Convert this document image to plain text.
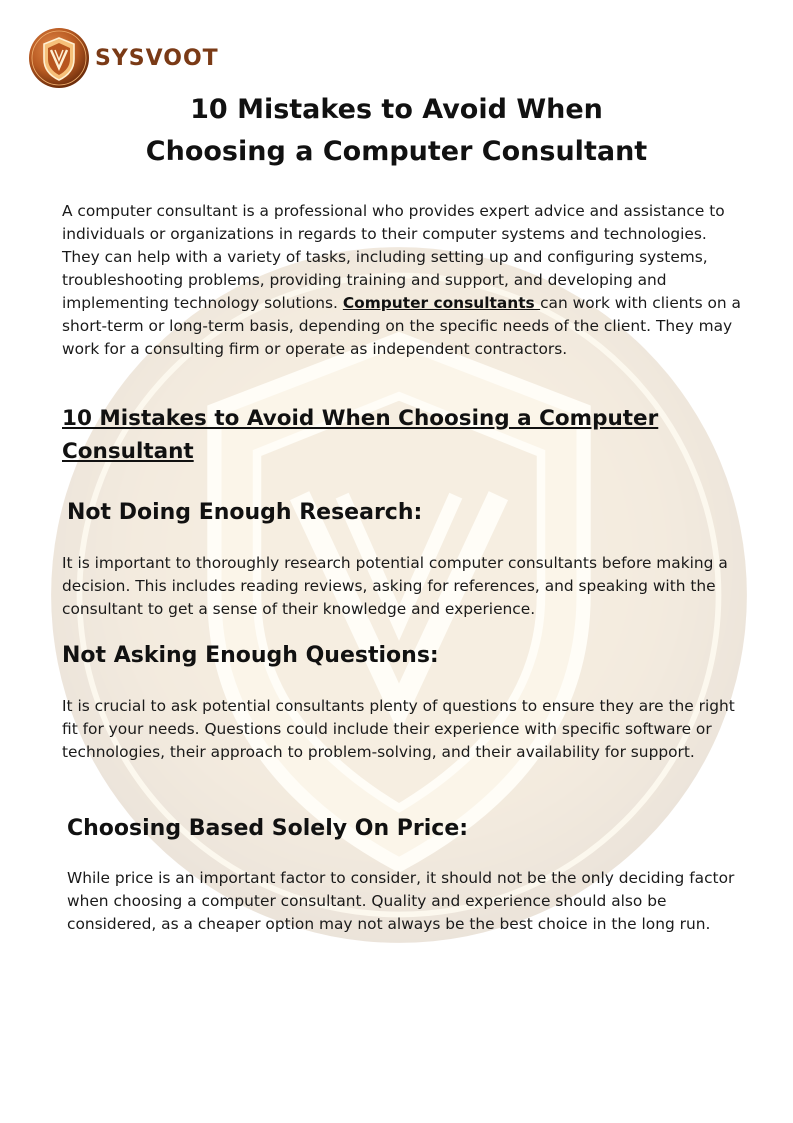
SYSVOOT
10 Mistakes to Avoid When
Choosing a Computer Consultant

A computer consultant is a professional who provides expert advice and assistance to individuals or organizations in regards to their computer systems and technologies. They can help with a variety of tasks, including setting up and configuring systems, troubleshooting problems, providing training and support, and developing and implementing technology solutions. Computer consultants can work with clients on a short-term or long-term basis, depending on the specific needs of the client. They may work for a consulting firm or operate as independent contractors.

10 Mistakes to Avoid When Choosing a Computer Consultant
Not Doing Enough Research:

It is important to thoroughly research potential computer consultants before making a decision. This includes reading reviews, asking for references, and speaking with the consultant to get a sense of their knowledge and experience.

Not Asking Enough Questions:

It is crucial to ask potential consultants plenty of questions to ensure they are the right fit for your needs. Questions could include their experience with specific software or technologies, their approach to problem-solving, and their availability for support.

Choosing Based Solely On Price:

While price is an important factor to consider, it should not be the only deciding factor when choosing a computer consultant. Quality and experience should also be considered, as a cheaper option may not always be the best choice in the long run.
